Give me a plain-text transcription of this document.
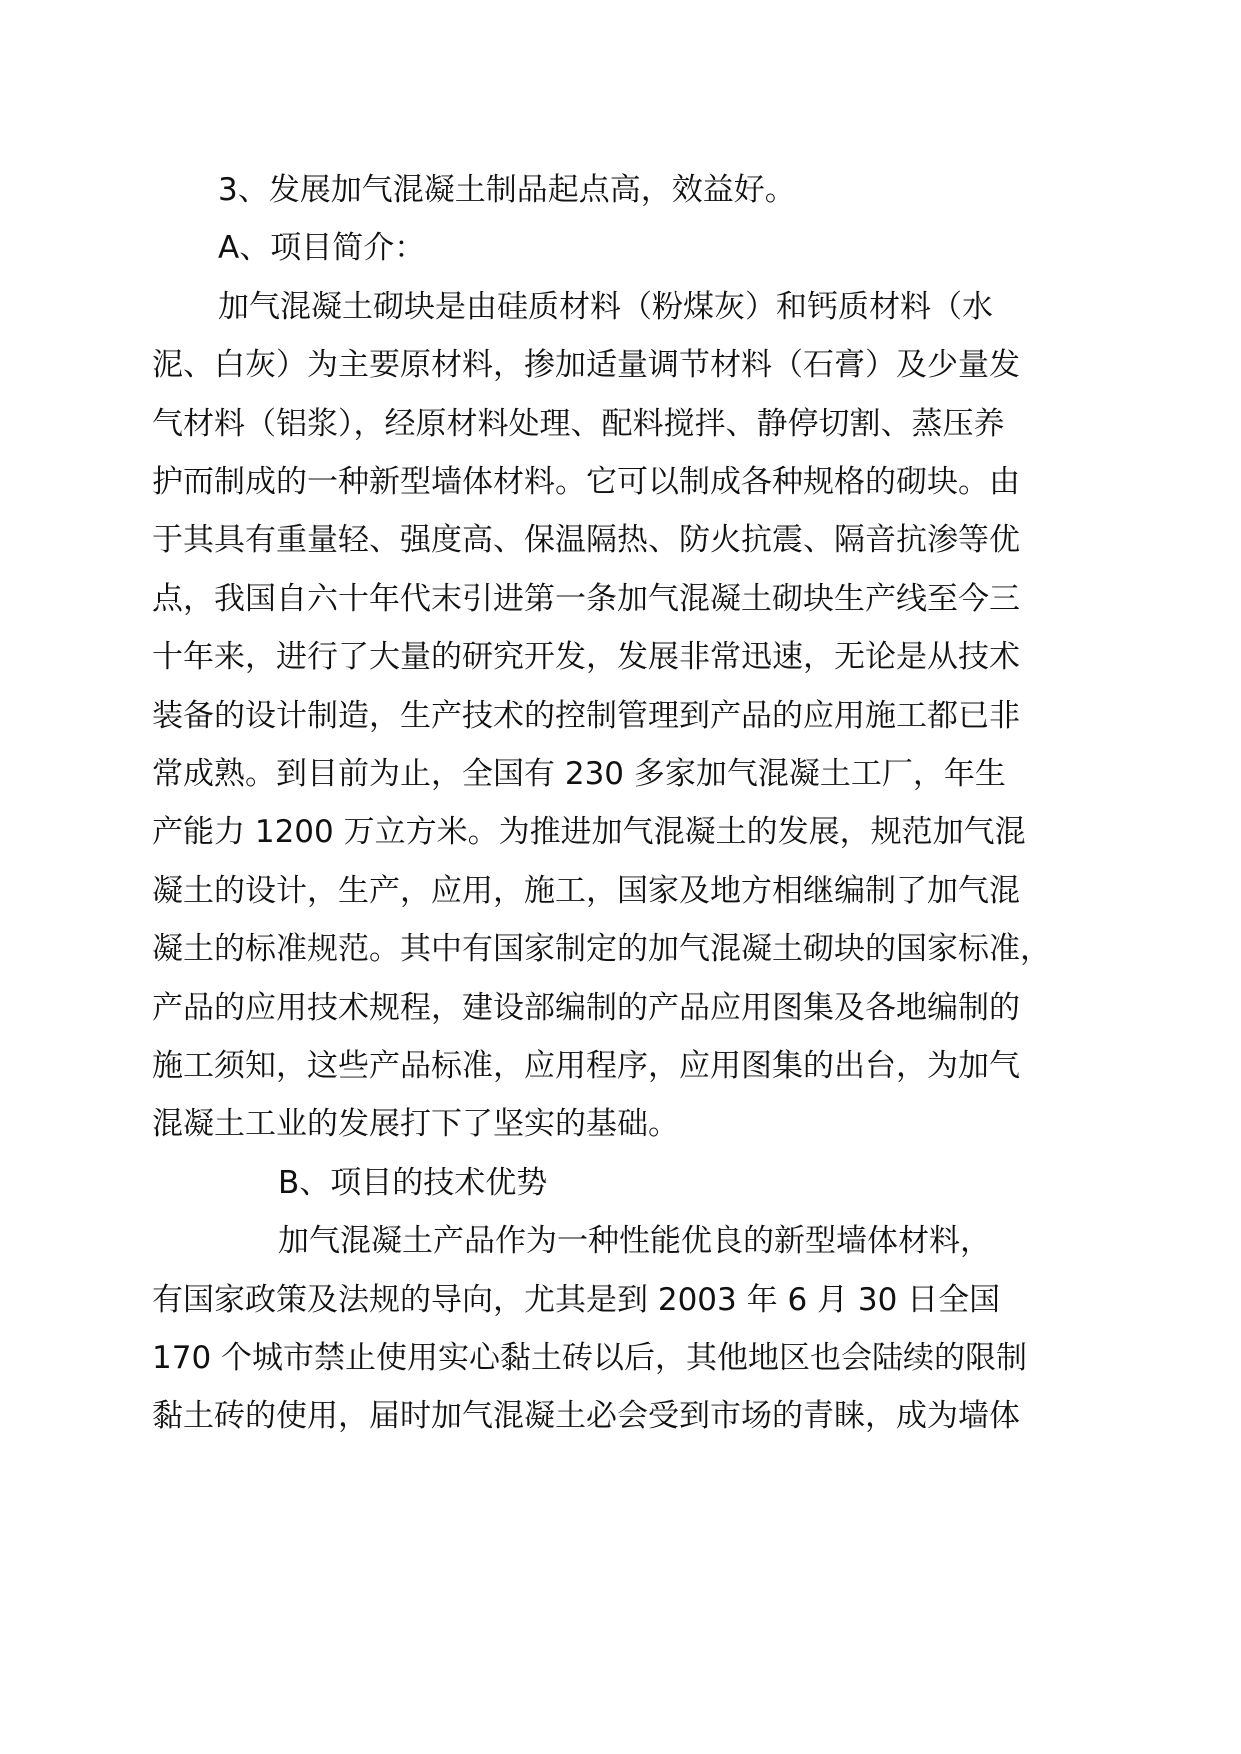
3、发展加气混凝土制品起点高，效益好。

A、项目简介：

加气混凝土砌块是由硅质材料（粉煤灰）和钙质材料（水

泥、白灰）为主要原材料，掺加适量调节材料（石膏）及少量发

气材料（铝浆），经原材料处理、配料搅拌、静停切割、蒸压养

护而制成的一种新型墙体材料。它可以制成各种规格的砌块。由

于其具有重量轻、强度高、保温隔热、防火抗震、隔音抗渗等优

点，我国自六十年代末引进第一条加气混凝土砌块生产线至今三

十年来，进行了大量的研究开发，发展非常迅速，无论是从技术

装备的设计制造，生产技术的控制管理到产品的应用施工都已非

常成熟。到目前为止，全国有 230 多家加气混凝土工厂，年生

产能力 1200 万立方米。为推进加气混凝土的发展，规范加气混

凝土的设计，生产，应用，施工，国家及地方相继编制了加气混

凝土的标准规范。其中有国家制定的加气混凝土砌块的国家标准，

产品的应用技术规程，建设部编制的产品应用图集及各地编制的

施工须知，这些产品标准，应用程序，应用图集的出台，为加气

混凝土工业的发展打下了坚实的基础。

B、项目的技术优势

加气混凝土产品作为一种性能优良的新型墙体材料，

有国家政策及法规的导向，尤其是到 2003 年 6 月 30 日全国

170 个城市禁止使用实心黏土砖以后，其他地区也会陆续的限制

黏土砖的使用，届时加气混凝土必会受到市场的青睐，成为墙体
